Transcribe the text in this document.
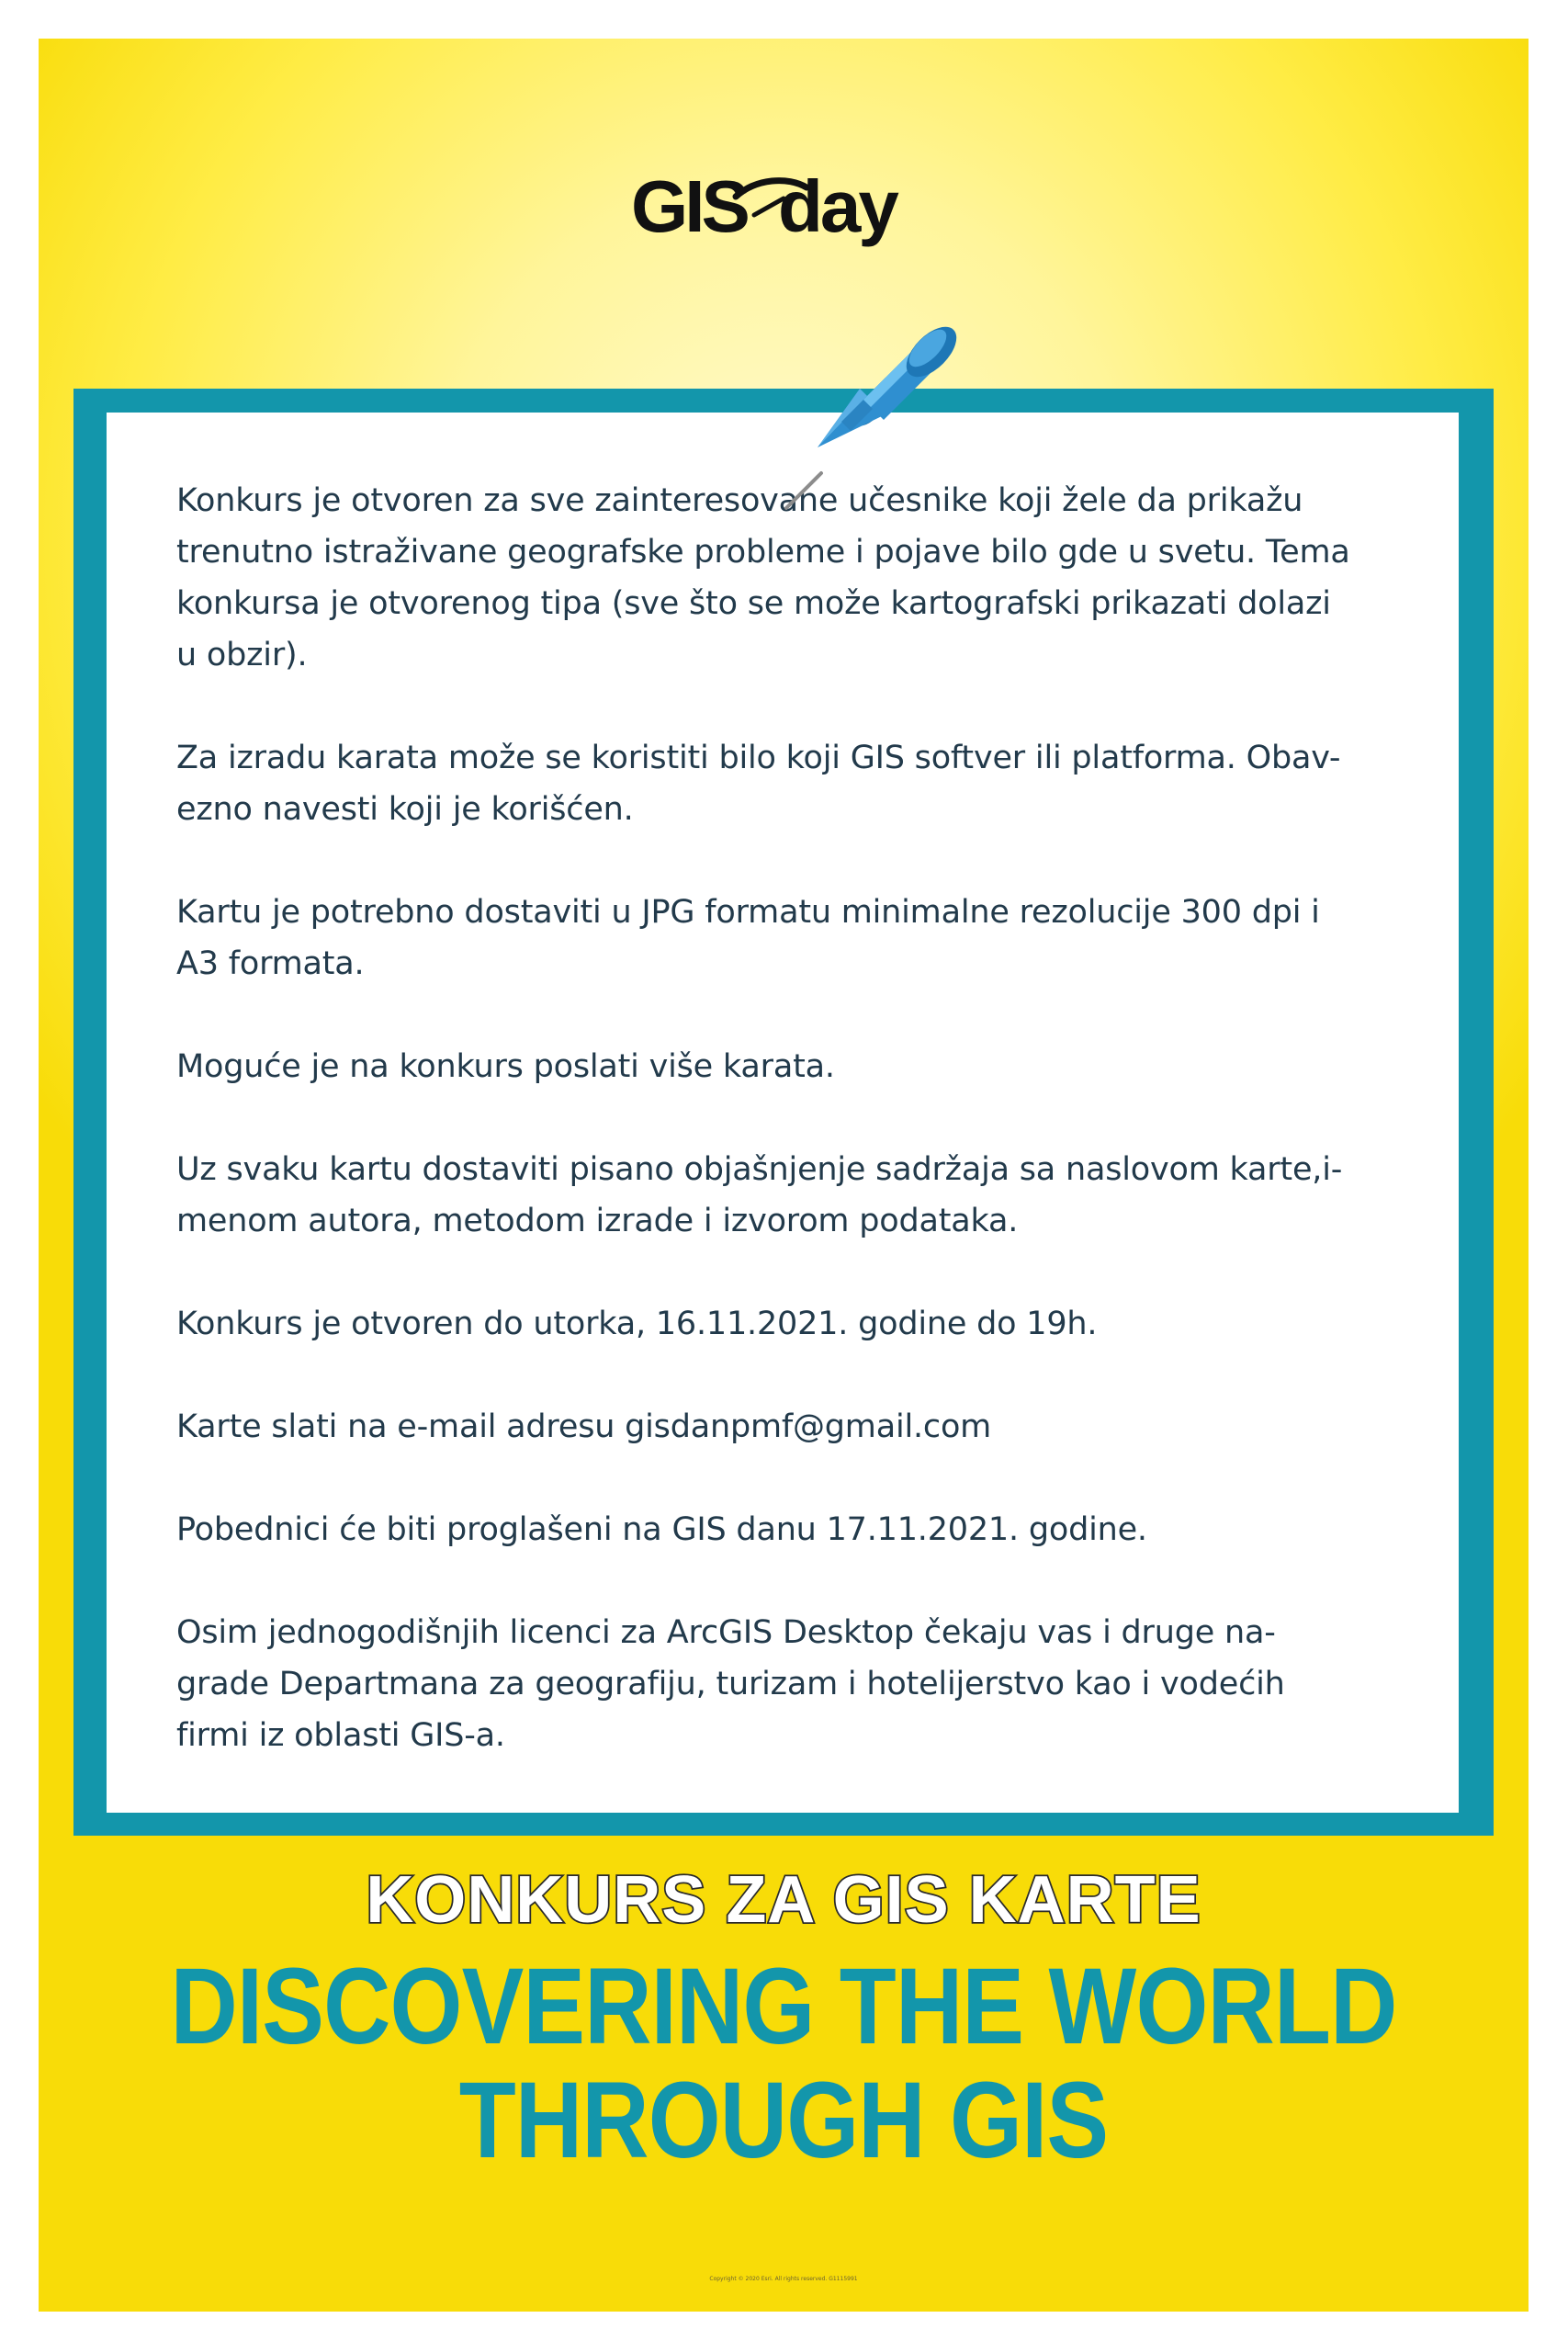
GIS day

Konkurs je otvoren za sve zainteresovane učesnike koji žele da prikažu
trenutno istraživane geografske probleme i pojave bilo gde u svetu. Tema
konkursa je otvorenog tipa (sve što se može kartografski prikazati dolazi
u obzir).

Za izradu karata može se koristiti bilo koji GIS softver ili platforma. Obav-
ezno navesti koji je korišćen.

Kartu je potrebno dostaviti u JPG formatu minimalne rezolucije 300 dpi i
A3 formata.

Moguće je na konkurs poslati više karata.

Uz svaku kartu dostaviti pisano objašnjenje sadržaja sa naslovom karte,i-
menom autora, metodom izrade i izvorom podataka.

Konkurs je otvoren do utorka, 16.11.2021. godine do 19h.

Karte slati na e-mail adresu gisdanpmf@gmail.com

Pobednici će biti proglašeni na GIS danu 17.11.2021. godine.

Osim jednogodišnjih licenci za ArcGIS Desktop čekaju vas i druge na-
grade Departmana za geografiju, turizam i hotelijerstvo kao i vodećih
firmi iz oblasti GIS-a.

KONKURS ZA GIS KARTE
DISCOVERING THE WORLD
THROUGH GIS
Copyright © 2020 Esri. All rights reserved. G1115991
